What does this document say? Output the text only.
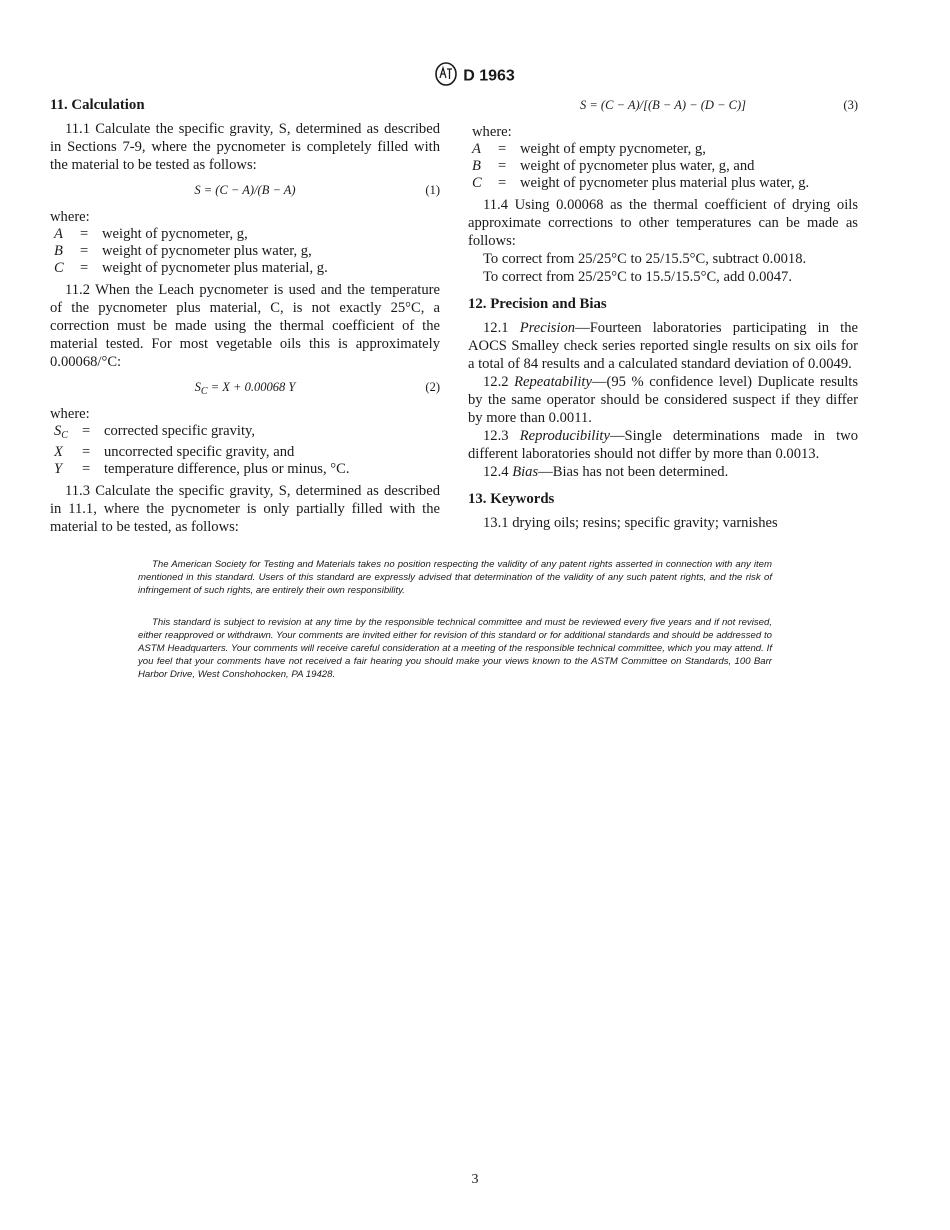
D 1963
11. Calculation

11.1 Calculate the specific gravity, S, determined as described in Sections 7-9, where the pycnometer is completely filled with the material to be tested as follows:

S = (C − A)/(B − A)	(1)

where:

A	= weight of pycnometer, g,
B	= weight of pycnometer plus water, g,
C	= weight of pycnometer plus material, g.

11.2 When the Leach pycnometer is used and the temperature of the pycnometer plus material, C, is not exactly 25°C, a correction must be made using the thermal coefficient of the material tested. For most vegetable oils this is approximately 0.00068/°C:

$S_C = X + 0.00068$ Y	(2)

where:

$S_C$ = corrected specific gravity,
X	= uncorrected specific gravity, and
Y	= temperature difference, plus or minus, °C.

11.3 Calculate the specific gravity, S, determined as described in 11.1, where the pycnometer is only partially filled with the material to be tested, as follows:

S = (C − A)/[(B − A) − (D − C)]	(3)

where:

A	= weight of empty pycnometer, g,
B	= weight of pycnometer plus water, g, and
C	= weight of pycnometer plus material plus water, g.

11.4 Using 0.00068 as the thermal coefficient of drying oils approximate corrections to other temperatures can be made as follows:

To correct from 25/25°C to 25/15.5°C, subtract 0.0018.

To correct from 25/25°C to 15.5/15.5°C, add 0.0047.

12. Precision and Bias

12.1 Precision—Fourteen laboratories participating in the AOCS Smalley check series reported single results on six oils for a total of 84 results and a calculated standard deviation of 0.0049.

12.2 Repeatability—(95 % confidence level) Duplicate results by the same operator should be considered suspect if they differ by more than 0.0011.

12.3 Reproducibility—Single determinations made in two different laboratories should not differ by more than 0.0013.

12.4 Bias—Bias has not been determined.

13. Keywords

13.1 drying oils; resins; specific gravity; varnishes

The American Society for Testing and Materials takes no position respecting the validity of any patent rights asserted in connection with any item mentioned in this standard. Users of this standard are expressly advised that determination of the validity of any such patent rights, and the risk of infringement of such rights, are entirely their own responsibility.
This standard is subject to revision at any time by the responsible technical committee and must be reviewed every five years and if not revised, either reapproved or withdrawn. Your comments are invited either for revision of this standard or for additional standards and should be addressed to ASTM Headquarters. Your comments will receive careful consideration at a meeting of the responsible technical committee, which you may attend. If you feel that your comments have not received a fair hearing you should make your views known to the ASTM Committee on Standards, 100 Barr Harbor Drive, West Conshohocken, PA 19428.
3
